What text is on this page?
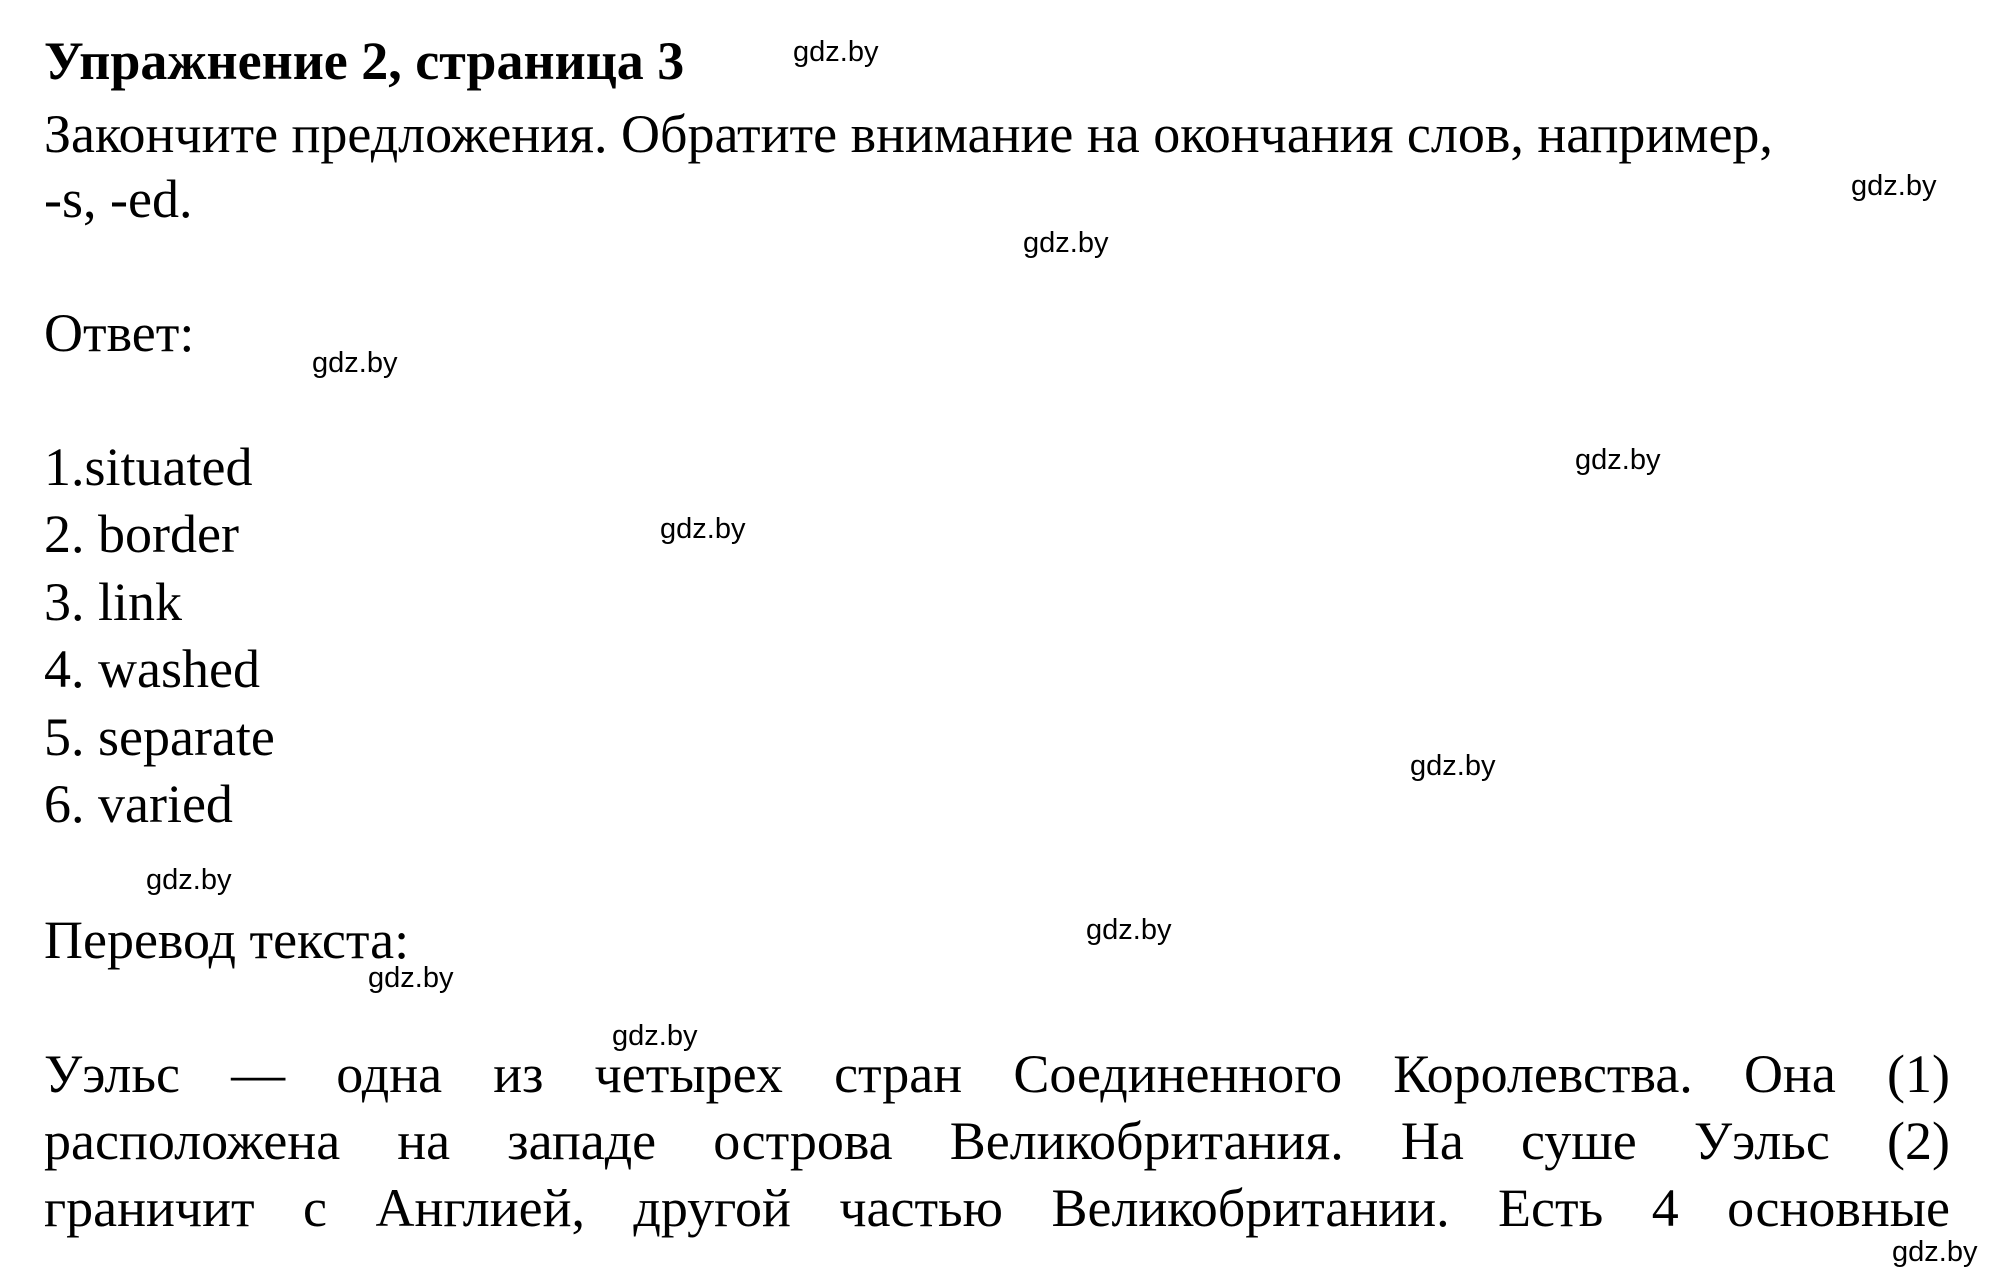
Упражнение 2, страница 3
Закончите предложения. Обратите внимание на окончания слов, например,
-s, -ed.
Ответ:
1.situated
2. border
3. link
4. washed
5. separate
6. varied
Перевод текста:
Уэльс — одна из четырех стран Соединенного Королевства. Она (1)
расположена на западе острова Великобритания. На суше Уэльс (2)
граничит с Англией, другой частью Великобритании. Есть 4 основные
gdz.by
gdz.by
gdz.by
gdz.by
gdz.by
gdz.by
gdz.by
gdz.by
gdz.by
gdz.by
gdz.by
gdz.by
